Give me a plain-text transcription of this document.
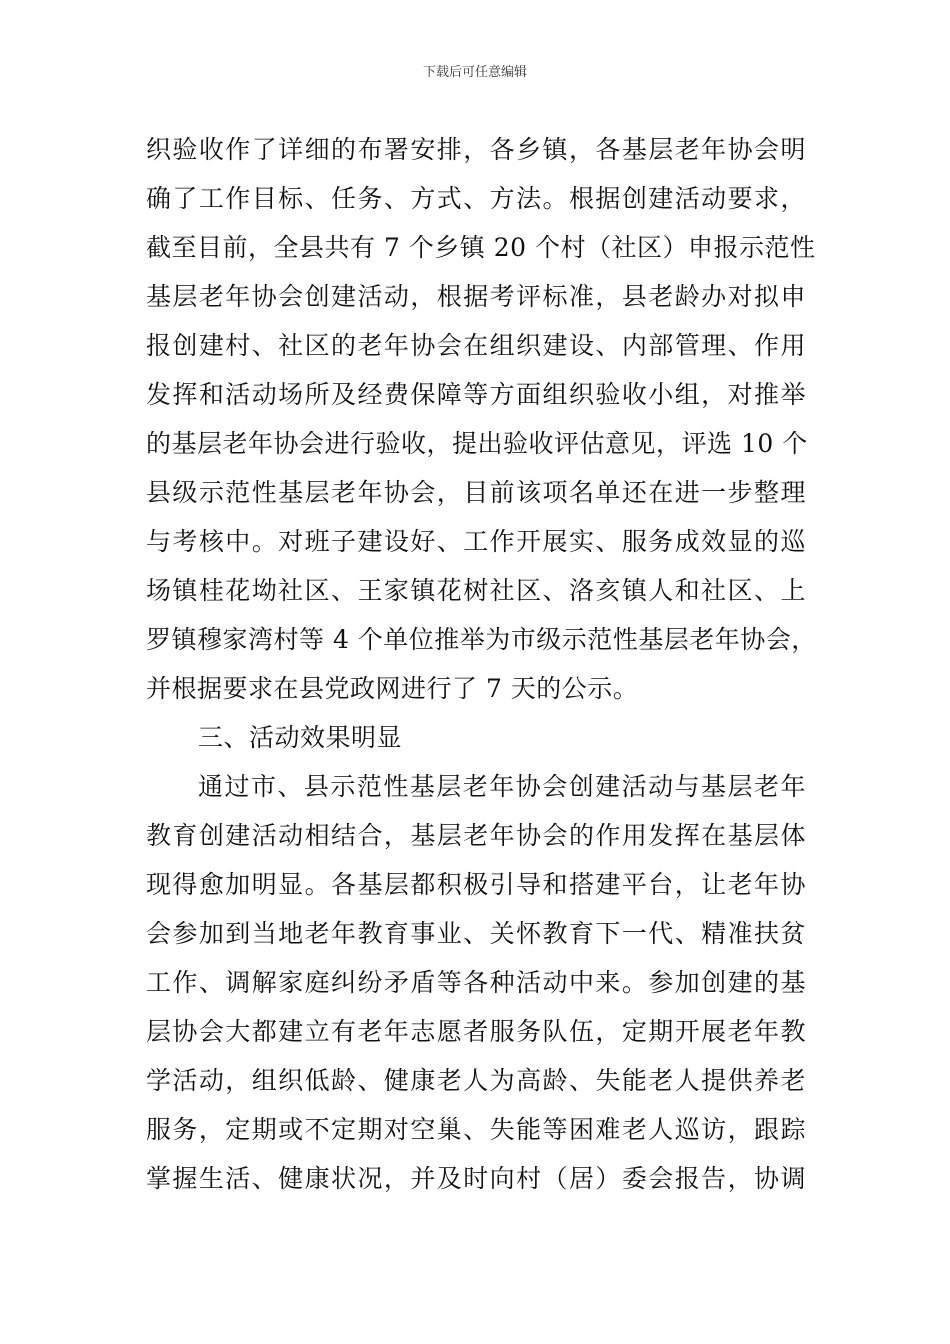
下载后可任意编辑
织验收作了详细的布署安排，各乡镇，各基层老年协会明
确了工作目标、任务、方式、方法。根据创建活动要求，
截至目前，全县共有 7 个乡镇 20 个村（社区）申报示范性
基层老年协会创建活动，根据考评标准，县老龄办对拟申
报创建村、社区的老年协会在组织建设、内部管理、作用
发挥和活动场所及经费保障等方面组织验收小组，对推举
的基层老年协会进行验收，提出验收评估意见，评选 10 个
县级示范性基层老年协会，目前该项名单还在进一步整理
与考核中。对班子建设好、工作开展实、服务成效显的巡
场镇桂花坳社区、王家镇花树社区、洛亥镇人和社区、上
罗镇穆家湾村等 4 个单位推举为市级示范性基层老年协会，
并根据要求在县党政网进行了 7 天的公示。
三、活动效果明显
通过市、县示范性基层老年协会创建活动与基层老年
教育创建活动相结合，基层老年协会的作用发挥在基层体
现得愈加明显。各基层都积极引导和搭建平台，让老年协
会参加到当地老年教育事业、关怀教育下一代、精准扶贫
工作、调解家庭纠纷矛盾等各种活动中来。参加创建的基
层协会大都建立有老年志愿者服务队伍，定期开展老年教
学活动，组织低龄、健康老人为高龄、失能老人提供养老
服务，定期或不定期对空巢、失能等困难老人巡访，跟踪
掌握生活、健康状况，并及时向村（居）委会报告，协调
